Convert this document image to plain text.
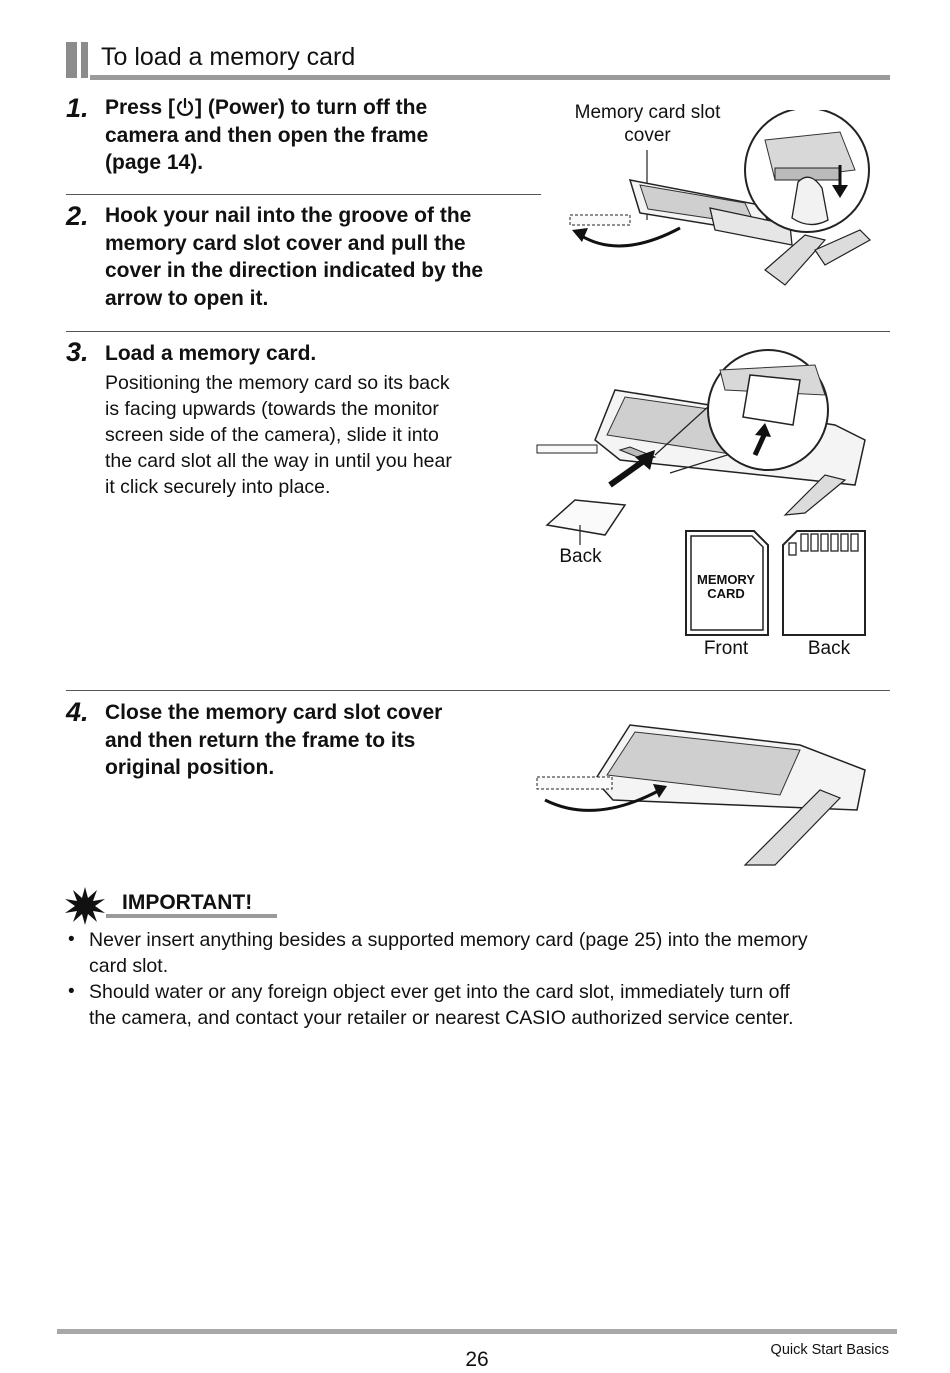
To load a memory card
1. Press [ ] (Power) to turn off the
camera and then open the frame
(page 14).
2. Hook your nail into the groove of the
memory card slot cover and pull the
cover in the direction indicated by the
arrow to open it.
Memory card slot
cover
3. Load a memory card.
Positioning the memory card so its back
is facing upwards (towards the monitor
screen side of the camera), slide it into
the card slot all the way in until you hear
it click securely into place.
Back
MEMORY
CARD
Front	Back
4. Close the memory card slot cover
and then return the frame to its
original position.
IMPORTANT!
• Never insert anything besides a supported memory card (page 25) into the memory
card slot.
• Should water or any foreign object ever get into the card slot, immediately turn off
the camera, and contact your retailer or nearest CASIO authorized service center.
26	Quick Start Basics
